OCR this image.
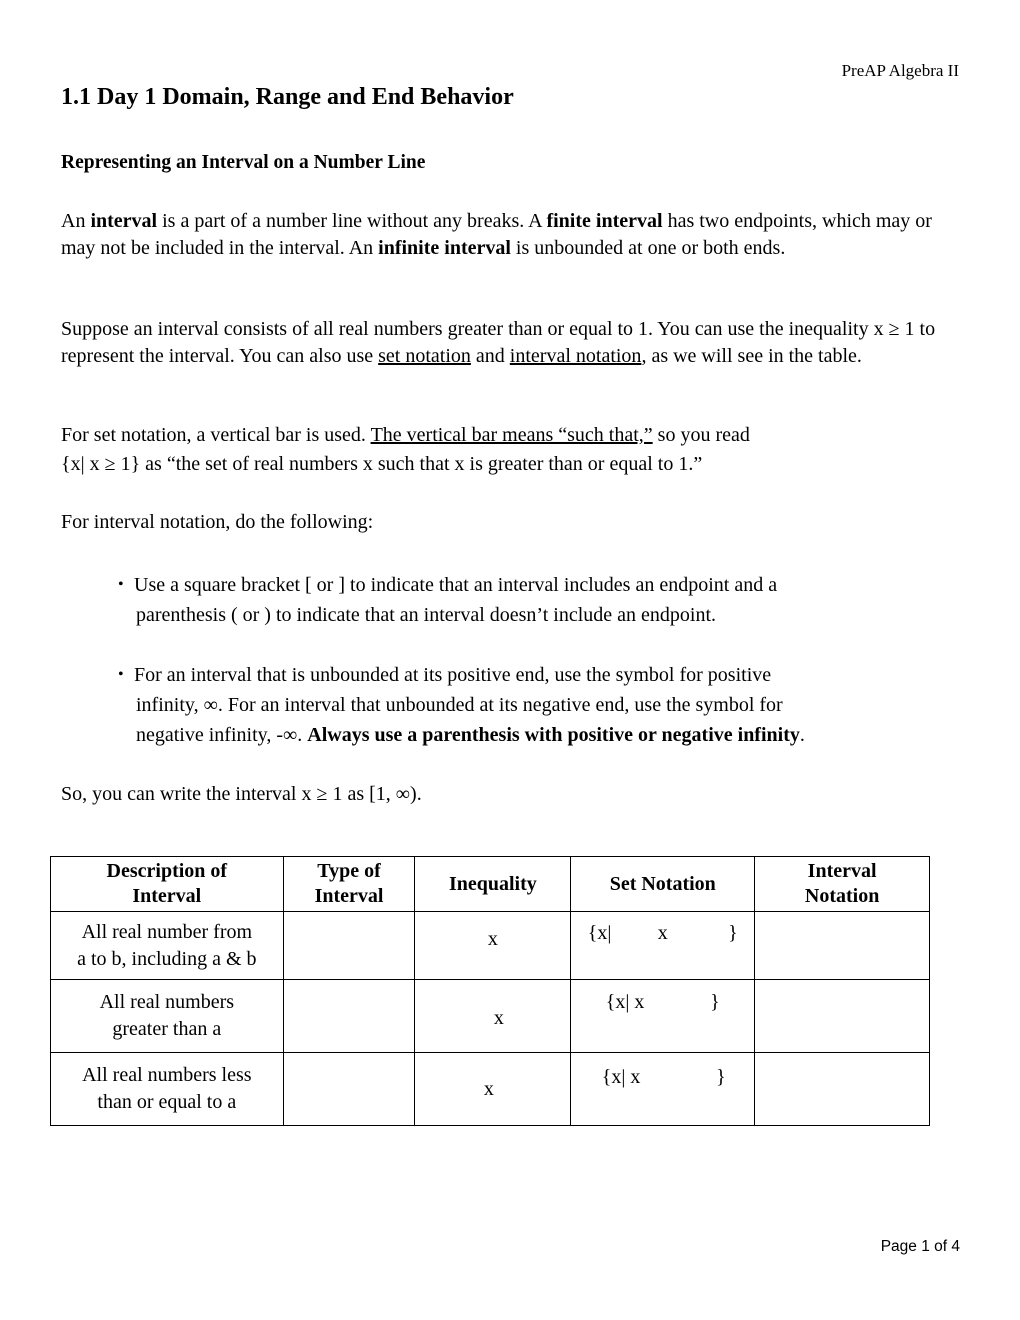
PreAP Algebra II
1.1 Day 1 Domain, Range and End Behavior
Representing an Interval on a Number Line

An interval is a part of a number line without any breaks. A finite interval has two endpoints, which may or may not be included in the interval. An infinite interval is unbounded at one or both ends.

Suppose an interval consists of all real numbers greater than or equal to 1. You can use the inequality x ≥ 1 to represent the interval. You can also use set notation and interval notation, as we will see in the table.

For set notation, a vertical bar is used. The vertical bar means “such that,” so you read
{x| x ≥ 1} as “the set of real numbers x such that x is greater than or equal to 1.”

For interval notation, do the following:

• Use a square bracket [ or ] to indicate that an interval includes an endpoint and a
parenthesis ( or ) to indicate that an interval doesn’t include an endpoint.
• For an interval that is unbounded at its positive end, use the symbol for positive
infinity, ∞. For an interval that unbounded at its negative end, use the symbol for
negative infinity, -∞. Always use a parenthesis with positive or negative infinity.

So, you can write the interval x ≥ 1 as [1, ∞).

Description of
Interval	Type of
Interval	Inequality	Set Notation	Interval
Notation
All real number from
a to b, including a & b		x	{x| x }	

All real numbers
greater than a		x	{x| x }	

All real numbers less
than or equal to a		x	{x| x }	

Page 1 of 4
